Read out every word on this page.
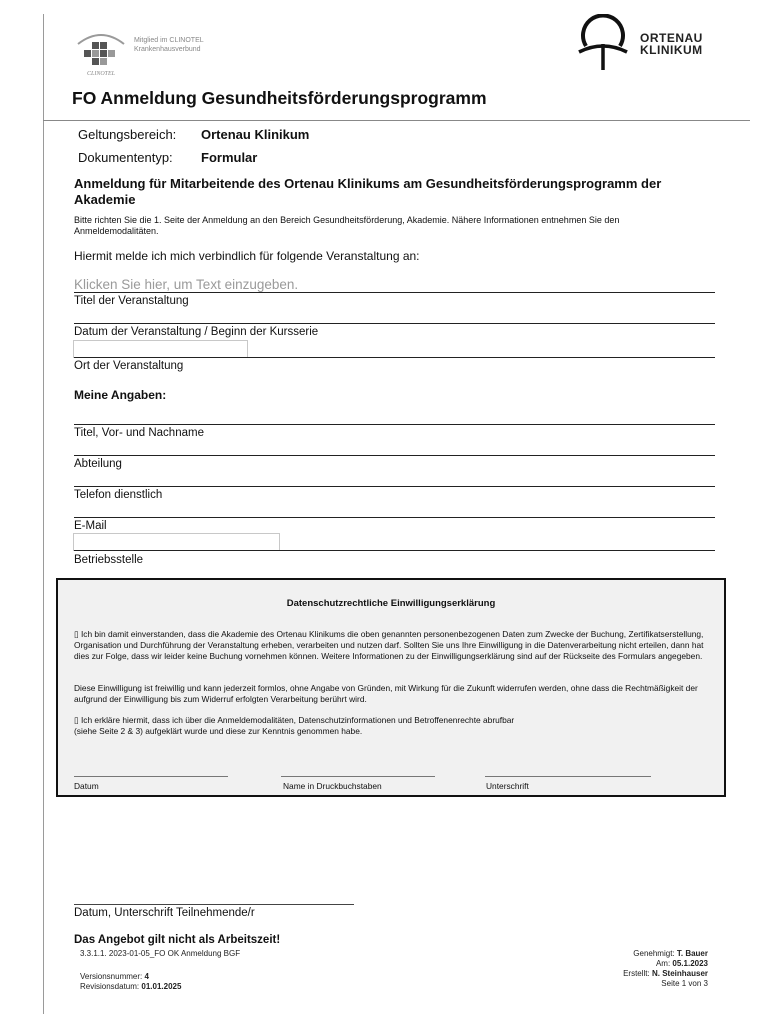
CLINOTEL
Mitglied im CLINOTEL
Krankenhausverbund
ORTENAU
KLINIKUM
FO Anmeldung Gesundheitsförderungsprogramm
Geltungsbereich: Ortenau Klinikum
Dokumententyp: Formular
Anmeldung für Mitarbeitende des Ortenau Klinikums am Gesundheitsförderungsprogramm der Akademie
Bitte richten Sie die 1. Seite der Anmeldung an den Bereich Gesundheitsförderung, Akademie. Nähere Informationen entnehmen Sie den Anmeldemodalitäten.
Hiermit melde ich mich verbindlich für folgende Veranstaltung an:
Klicken Sie hier, um Text einzugeben.
Titel der Veranstaltung
Datum der Veranstaltung / Beginn der Kursserie
Ort der Veranstaltung
Meine Angaben:
Titel, Vor- und Nachname
Abteilung
Telefon dienstlich
E-Mail
Betriebsstelle
Datenschutzrechtliche Einwilligungserklärung
▯ Ich bin damit einverstanden, dass die Akademie des Ortenau Klinikums die oben genannten personenbezogenen Daten zum Zwecke der Buchung, Zertifikatserstellung, Organisation und Durchführung der Veranstaltung erheben, verarbeiten und nutzen darf. Sollten Sie uns Ihre Einwilligung in die Datenverarbeitung nicht erteilen, dann hat dies zur Folge, dass wir leider keine Buchung vornehmen können. Weitere Informationen zu der Einwilligungserklärung sind auf der Rückseite des Formulars angegeben.
Diese Einwilligung ist freiwillig und kann jederzeit formlos, ohne Angabe von Gründen, mit Wirkung für die Zukunft widerrufen werden, ohne dass die Rechtmäßigkeit der aufgrund der Einwilligung bis zum Widerruf erfolgten Verarbeitung berührt wird.
▯ Ich erkläre hiermit, dass ich über die Anmeldemodalitäten, Datenschutzinformationen und Betroffenenrechte abrufbar
(siehe Seite 2 & 3) aufgeklärt wurde und diese zur Kenntnis genommen habe.
Datum	Name in Druckbuchstaben	Unterschrift
Datum, Unterschrift Teilnehmende/r
Das Angebot gilt nicht als Arbeitszeit!
3.3.1.1. 2023-01-05_FO OK Anmeldung BGF
Versionsnummer: 4
Revisionsdatum: 01.01.2025
Genehmigt: T. Bauer
Am: 05.1.2023
Erstellt: N. Steinhauser
Seite 1 von 3
